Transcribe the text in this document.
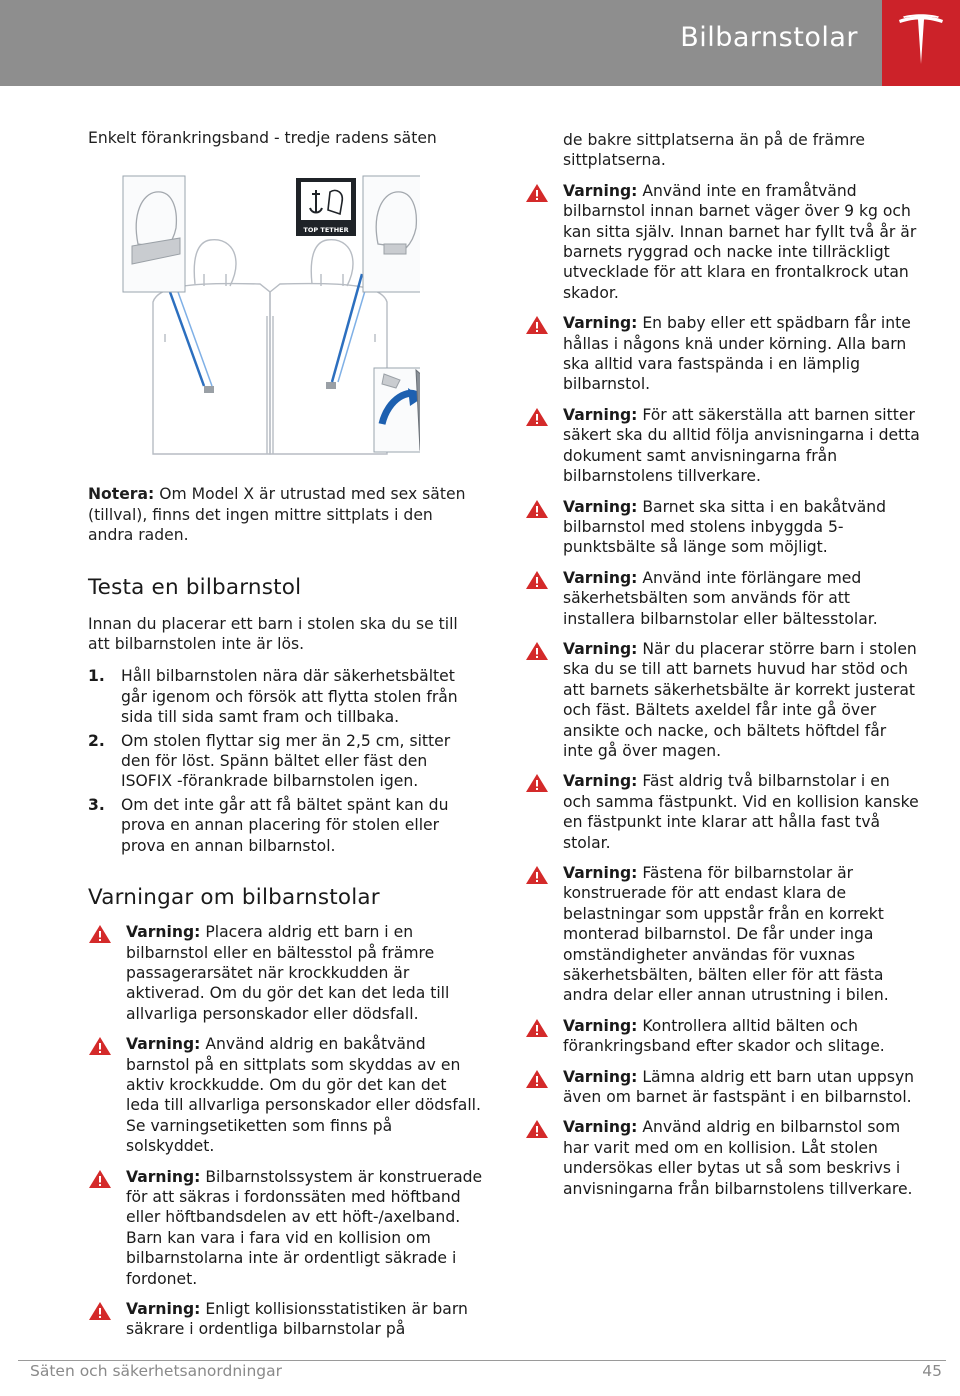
Bilbarnstolar
Enkelt förankringsband - tredje radens säten
TOP TETHER
Notera: Om Model X är utrustad med sex säten (tillval), finns det ingen mittre sittplats i den andra raden.
Testa en bilbarnstol
Innan du placerar ett barn i stolen ska du se till att bilbarnstolen inte är lös.
1.	Håll bilbarnstolen nära där säkerhetsbältet går igenom och försök att flytta stolen från sida till sida samt fram och tillbaka.
2.	Om stolen flyttar sig mer än 2,5 cm, sitter den för löst. Spänn bältet eller fäst den ISOFIX -förankrade bilbarnstolen igen.
3.	Om det inte går att få bältet spänt kan du prova en annan placering för stolen eller prova en annan bilbarnstol.
Varningar om bilbarnstolar
Varning: Placera aldrig ett barn i en bilbarnstol eller en bältesstol på främre passagerarsätet när krockkudden är aktiverad. Om du gör det kan det leda till allvarliga personskador eller dödsfall.
Varning: Använd aldrig en bakåtvänd barnstol på en sittplats som skyddas av en aktiv krockkudde. Om du gör det kan det leda till allvarliga personskador eller dödsfall. Se varningsetiketten som finns på solskyddet.
Varning: Bilbarnstolssystem är konstruerade för att säkras i fordonssäten med höftband eller höftbandsdelen av ett höft-/axelband. Barn kan vara i fara vid en kollision om bilbarnstolarna inte är ordentligt säkrade i fordonet.
Varning: Enligt kollisionsstatistiken är barn säkrare i ordentliga bilbarnstolar på
de bakre sittplatserna än på de främre sittplatserna.
Varning: Använd inte en framåtvänd bilbarnstol innan barnet väger över 9 kg och kan sitta själv. Innan barnet har fyllt två år är barnets ryggrad och nacke inte tillräckligt utvecklade för att klara en frontalkrock utan skador.
Varning: En baby eller ett spädbarn får inte hållas i någons knä under körning. Alla barn ska alltid vara fastspända i en lämplig bilbarnstol.
Varning: För att säkerställa att barnen sitter säkert ska du alltid följa anvisningarna i detta dokument samt anvisningarna från bilbarnstolens tillverkare.
Varning: Barnet ska sitta i en bakåtvänd bilbarnstol med stolens inbyggda 5-punktsbälte så länge som möjligt.
Varning: Använd inte förlängare med säkerhetsbälten som används för att installera bilbarnstolar eller bältesstolar.
Varning: När du placerar större barn i stolen ska du se till att barnets huvud har stöd och att barnets säkerhetsbälte är korrekt justerat och fäst. Bältets axeldel får inte gå över ansikte och nacke, och bältets höftdel får inte gå över magen.
Varning: Fäst aldrig två bilbarnstolar i en och samma fästpunkt. Vid en kollision kanske en fästpunkt inte klarar att hålla fast två stolar.
Varning: Fästena för bilbarnstolar är konstruerade för att endast klara de belastningar som uppstår från en korrekt monterad bilbarnstol. De får under inga omständigheter användas för vuxnas säkerhetsbälten, bälten eller för att fästa andra delar eller annan utrustning i bilen.
Varning: Kontrollera alltid bälten och förankringsband efter skador och slitage.
Varning: Lämna aldrig ett barn utan uppsyn även om barnet är fastspänt i en bilbarnstol.
Varning: Använd aldrig en bilbarnstol som har varit med om en kollision. Låt stolen undersökas eller bytas ut så som beskrivs i anvisningarna från bilbarnstolens tillverkare.
Säten och säkerhetsanordningar	45
